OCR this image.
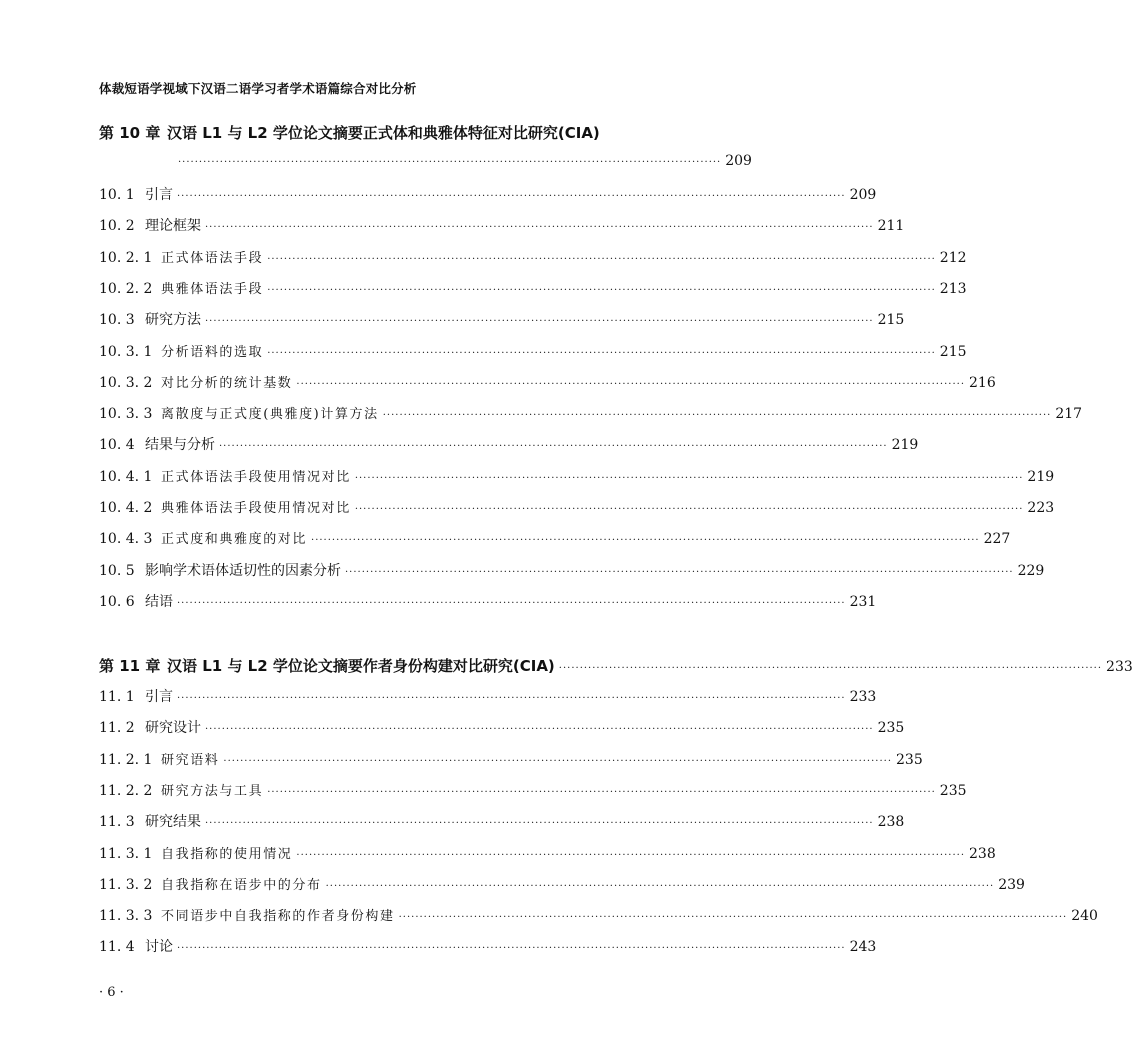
体裁短语学视域下汉语二语学习者学术语篇综合对比分析
第 10 章 汉语 L1 与 L2 学位论文摘要正式体和典雅体特征对比研究(CIA)
·································································································································· 209
10. 1 引言 ································································································································································ 209
10. 2 理论框架 ································································································································································ 211
10. 2. 1 正式体语法手段 ································································································································································ 212
10. 2. 2 典雅体语法手段 ································································································································································ 213
10. 3 研究方法 ································································································································································ 215
10. 3. 1 分析语料的选取 ································································································································································ 215
10. 3. 2 对比分析的统计基数 ································································································································································ 216
10. 3. 3 离散度与正式度(典雅度)计算方法 ································································································································································ 217
10. 4 结果与分析 ································································································································································ 219
10. 4. 1 正式体语法手段使用情况对比 ································································································································································ 219
10. 4. 2 典雅体语法手段使用情况对比 ································································································································································ 223
10. 4. 3 正式度和典雅度的对比 ································································································································································ 227
10. 5 影响学术语体适切性的因素分析 ································································································································································ 229
10. 6 结语 ································································································································································ 231
第 11 章 汉语 L1 与 L2 学位论文摘要作者身份构建对比研究(CIA) ·································································································································· 233
11. 1 引言 ································································································································································ 233
11. 2 研究设计 ································································································································································ 235
11. 2. 1 研究语料 ································································································································································ 235
11. 2. 2 研究方法与工具 ································································································································································ 235
11. 3 研究结果 ································································································································································ 238
11. 3. 1 自我指称的使用情况 ································································································································································ 238
11. 3. 2 自我指称在语步中的分布 ································································································································································ 239
11. 3. 3 不同语步中自我指称的作者身份构建 ································································································································································ 240
11. 4 讨论 ································································································································································ 243
· 6 ·
